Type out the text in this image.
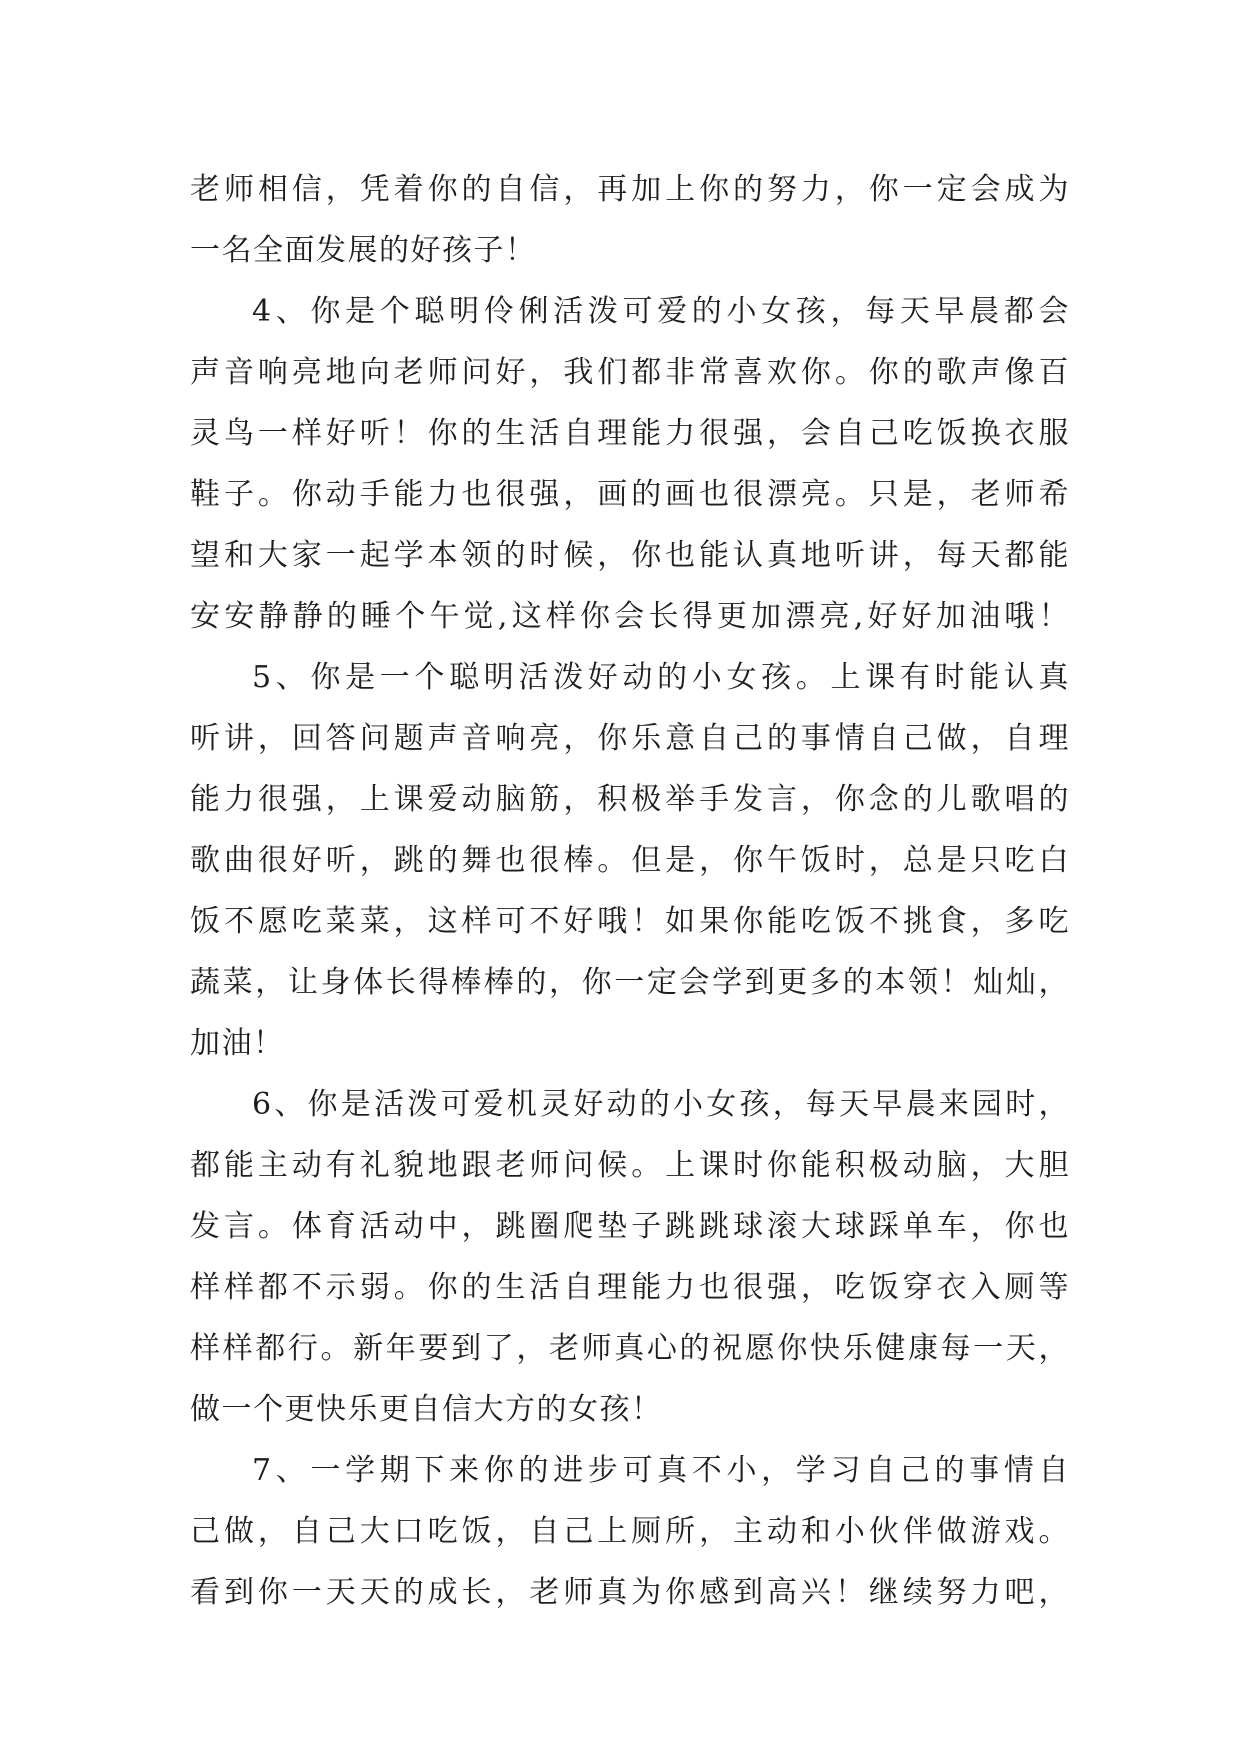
老师相信，凭着你的自信，再加上你的努力，你一定会成为
一名全面发展的好孩子！
4、你是个聪明伶俐活泼可爱的小女孩，每天早晨都会
声音响亮地向老师问好，我们都非常喜欢你。你的歌声像百
灵鸟一样好听！你的生活自理能力很强，会自己吃饭换衣服
鞋子。你动手能力也很强，画的画也很漂亮。只是，老师希
望和大家一起学本领的时候，你也能认真地听讲，每天都能
安安静静的睡个午觉,这样你会长得更加漂亮,好好加油哦！
5、你是一个聪明活泼好动的小女孩。上课有时能认真
听讲，回答问题声音响亮，你乐意自己的事情自己做，自理
能力很强，上课爱动脑筋，积极举手发言，你念的儿歌唱的
歌曲很好听，跳的舞也很棒。但是，你午饭时，总是只吃白
饭不愿吃菜菜，这样可不好哦！如果你能吃饭不挑食，多吃
蔬菜，让身体长得棒棒的，你一定会学到更多的本领！灿灿，
加油！
6、你是活泼可爱机灵好动的小女孩，每天早晨来园时，
都能主动有礼貌地跟老师问候。上课时你能积极动脑，大胆
发言。体育活动中，跳圈爬垫子跳跳球滚大球踩单车，你也
样样都不示弱。你的生活自理能力也很强，吃饭穿衣入厕等
样样都行。新年要到了，老师真心的祝愿你快乐健康每一天，
做一个更快乐更自信大方的女孩！
7、一学期下来你的进步可真不小，学习自己的事情自
己做，自己大口吃饭，自己上厕所，主动和小伙伴做游戏。
看到你一天天的成长，老师真为你感到高兴！继续努力吧，
